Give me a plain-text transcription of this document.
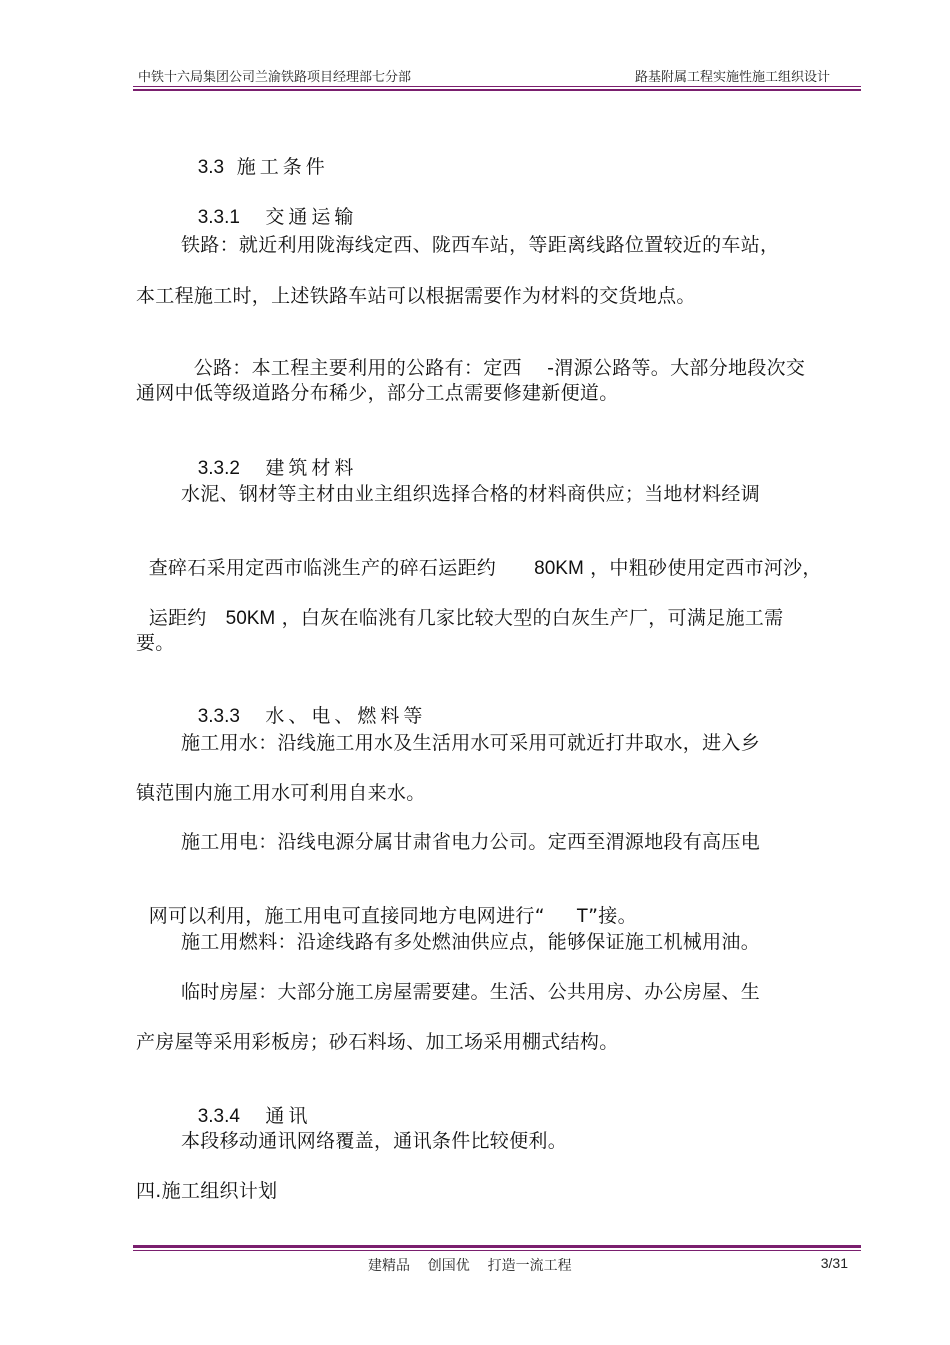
中铁十六局集团公司兰渝铁路项目经理部七分部	路基附属工程实施性施工组织设计

3.3 施工条件

3.3.1 交通运输

铁路：就近利用陇海线定西、陇西车站，等距离线路位置较近的车站，
本工程施工时，上述铁路车站可以根据需要作为材料的交货地点。

公路：本工程主要利用的公路有：定西 -渭源公路等。大部分地段次交

通网中低等级道路分布稀少，部分工点需要修建新便道。

3.3.2 建筑材料

水泥、钢材等主材由业主组织选择合格的材料商供应；当地材料经调

查碎石采用定西市临洮生产的碎石运距约 80KM ，中粗砂使用定西市河沙，

运距约 50KM ，白灰在临洮有几家比较大型的白灰生产厂，可满足施工需

要。

3.3.3 水、电、燃料等

施工用水：沿线施工用水及生活用水可采用可就近打井取水，进入乡
镇范围内施工用水可利用自来水。
施工用电：沿线电源分属甘肃省电力公司。定西至渭源地段有高压电

网可以利用，施工用电可直接同地方电网进行“ T”接。

施工用燃料：沿途线路有多处燃油供应点，能够保证施工机械用油。
临时房屋：大部分施工房屋需要建。生活、公共用房、办公房屋、生
产房屋等采用彩板房；砂石料场、加工场采用棚式结构。

3.3.4 通讯

本段移动通讯网络覆盖，通讯条件比较便利。
四.施工组织计划
建精品    创国优    打造一流工程	3/31
